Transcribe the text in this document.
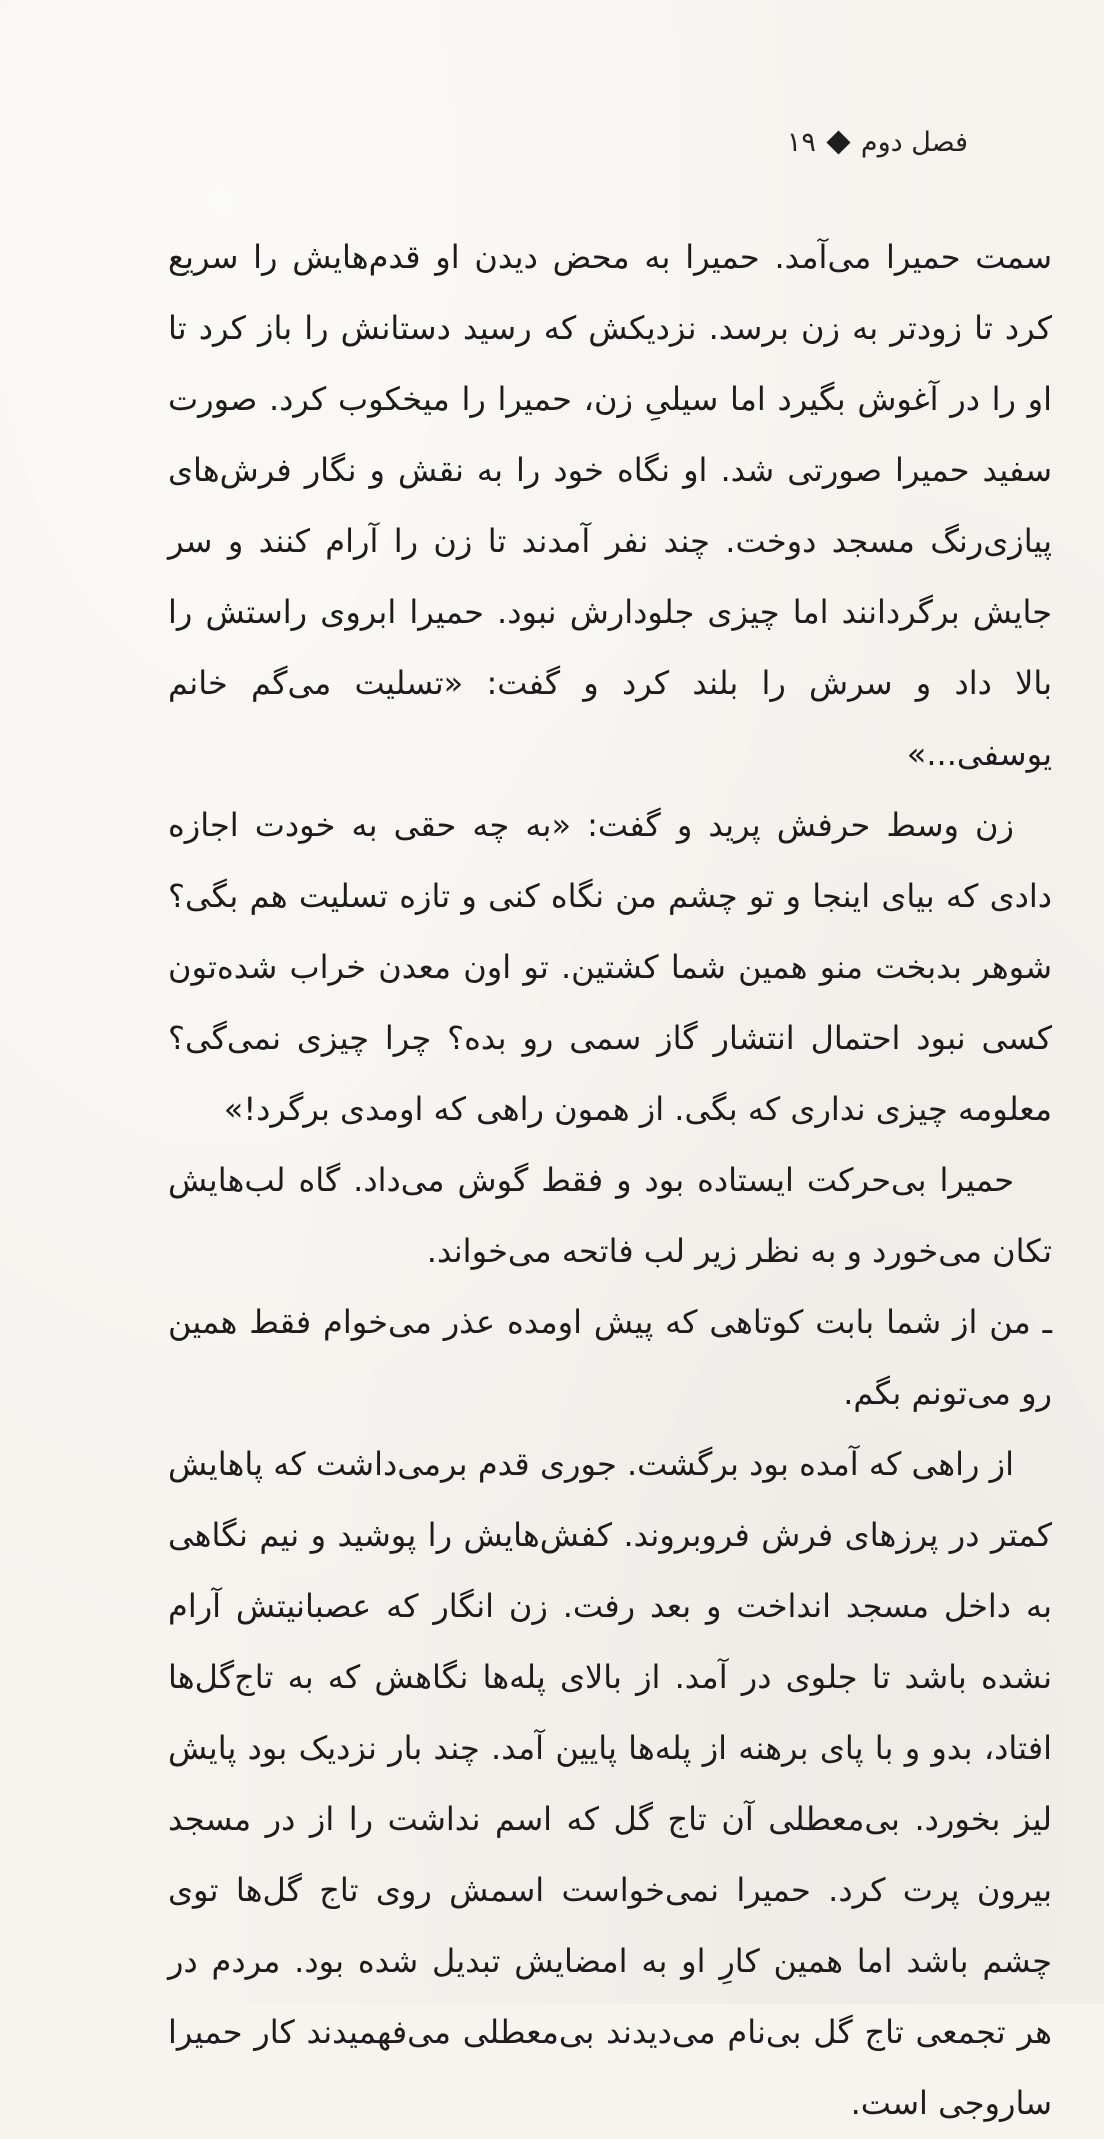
فصل دوم
۱۹

سمت حمیرا می‌آمد. حمیرا به محض دیدن او قدم‌هایش را سریع کرد تا زودتر به زن برسد. نزدیکش که رسید دستانش را باز کرد تا او را در آغوش بگیرد اما سیلیِ زن، حمیرا را میخکوب کرد. صورت سفید حمیرا صورتی شد. او نگاه خود را به نقش و نگار فرش‌های پیازی‌رنگ مسجد دوخت. چند نفر آمدند تا زن را آرام کنند و سر جایش برگردانند اما چیزی جلودارش نبود. حمیرا ابروی راستش را بالا داد و سرش را بلند کرد و گفت: «تسلیت می‌گم خانم یوسفی...»

زن وسط حرفش پرید و گفت: «به چه حقی به خودت اجازه دادی که بیای اینجا و تو چشم من نگاه کنی و تازه تسلیت هم بگی؟ شوهر بدبخت منو همین شما کشتین. تو اون معدن خراب شده‌تون کسی نبود احتمال انتشار گاز سمی رو بده؟ چرا چیزی نمی‌گی؟ معلومه چیزی نداری که بگی. از همون راهی که اومدی برگرد!»

حمیرا بی‌حرکت ایستاده بود و فقط گوش می‌داد. گاه لب‌هایش تکان می‌خورد و به نظر زیر لب فاتحه می‌خواند.

ـ من از شما بابت کوتاهی که پیش اومده عذر می‌خوام فقط همین رو می‌تونم بگم.

از راهی که آمده بود برگشت. جوری قدم برمی‌داشت که پاهایش کمتر در پرزهای فرش فروبروند. کفش‌هایش را پوشید و نیم نگاهی به داخل مسجد انداخت و بعد رفت. زن انگار که عصبانیتش آرام نشده باشد تا جلوی در آمد. از بالای پله‌ها نگاهش که به تاج‌گل‌ها افتاد، بدو و با پای برهنه از پله‌ها پایین آمد. چند بار نزدیک بود پایش لیز بخورد. بی‌معطلی آن تاج گل که اسم نداشت را از در مسجد بیرون پرت کرد. حمیرا نمی‌خواست اسمش روی تاج گل‌ها توی چشم باشد اما همین کارِ او به امضایش تبدیل شده بود. مردم در هر تجمعی تاج گل بی‌نام می‌دیدند بی‌معطلی می‌فهمیدند کار حمیرا ساروجی است.
